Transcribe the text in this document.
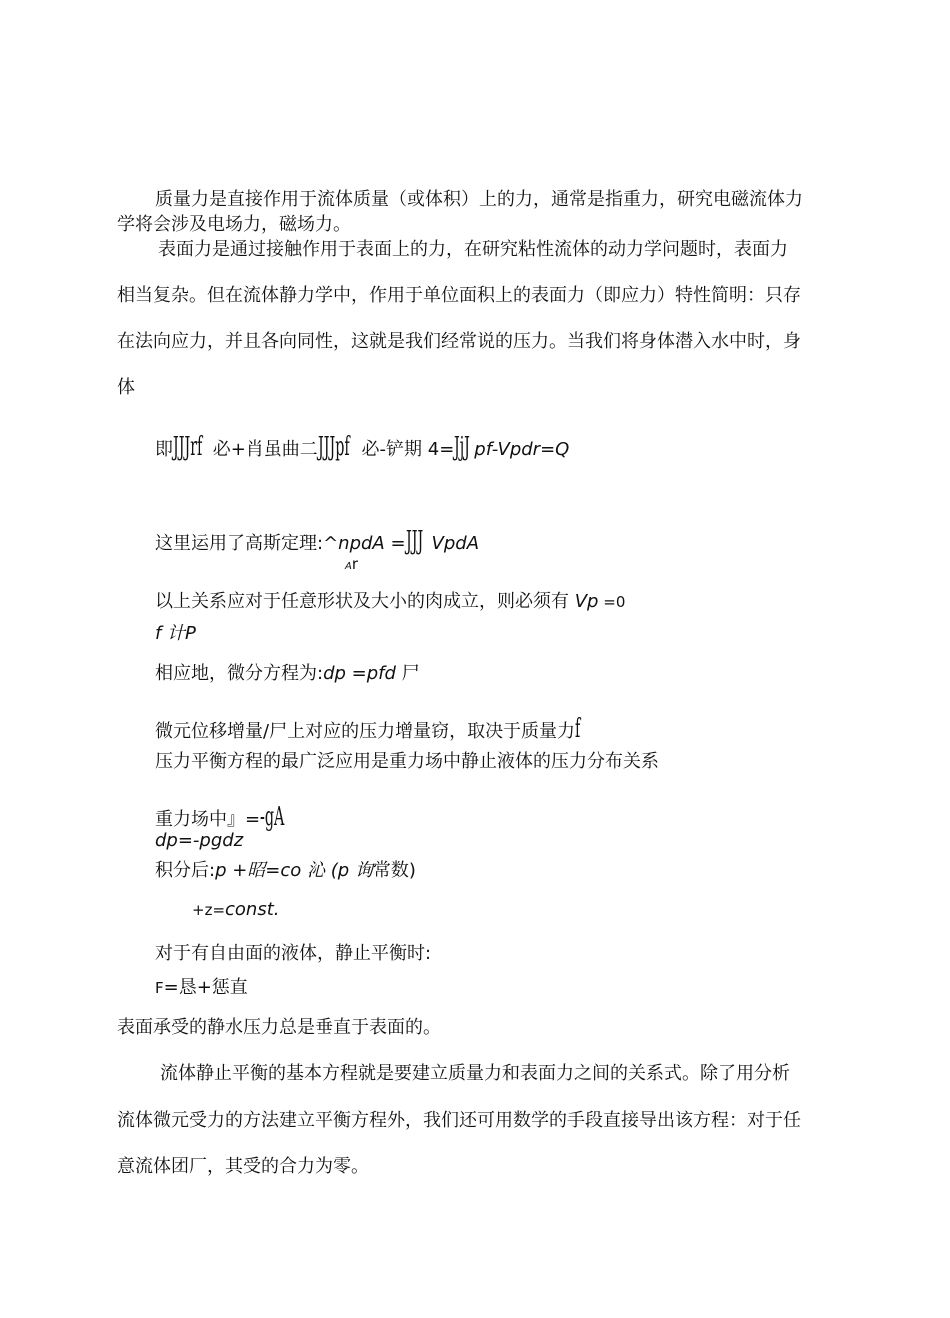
质量力是直接作用于流体质量（或体积）上的力，通常是指重力，研究电磁流体力
学将会涉及电场力，磁场力。
表面力是通过接触作用于表面上的力，在研究粘性流体的动力学问题时，表面力
相当复杂。但在流体静力学中，作用于单位面积上的表面力（即应力）特性简明：只存
在法向应力，并且各向同性，这就是我们经常说的压力。当我们将身体潜入水中时，身
体
即JJJrf 必+肖虽曲二JJJpf 必-铲期 4=JjJ pf-Vpdr=Q
这里运用了高斯定理:^npdA =JJJ VpdA
Ar
以上关系应对于任意形状及大小的肉成立，则必须有 Vp =0
f 计P
相应地，微分方程为:dp =pfd 尸
微元位移增量/尸上对应的压力增量窃，取决于质量力f
压力平衡方程的最广泛应用是重力场中静止液体的压力分布关系
重力场中』=-gA
dp=-pgdz
积分后:p +昭=co 沁 (p 询常数)
+z=const.
对于有自由面的液体，静止平衡时:
F=恳+惩直
表面承受的静水压力总是垂直于表面的。
流体静止平衡的基本方程就是要建立质量力和表面力之间的关系式。除了用分析
流体微元受力的方法建立平衡方程外，我们还可用数学的手段直接导出该方程：对于任
意流体团厂，其受的合力为零。
